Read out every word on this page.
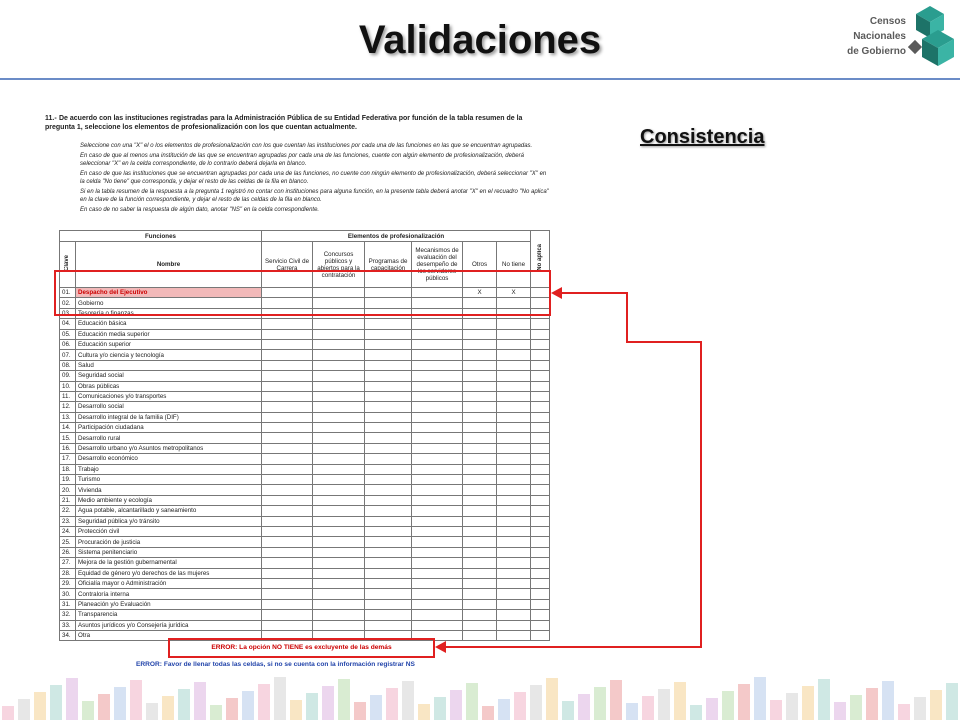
Validaciones	Censos
Nacionales
de Gobierno
Consistencia
11.- De acuerdo con las instituciones registradas para la Administración Pública de su Entidad Federativa por función de la tabla resumen de la pregunta 1, seleccione los elementos de profesionalización con los que cuentan actualmente.

Seleccione con una "X" el o los elementos de profesionalización con los que cuentan las instituciones por cada una de las funciones en las que se encuentran agrupadas.

En caso de que al menos una institución de las que se encuentran agrupadas por cada una de las funciones, cuente con algún elemento de profesionalización, deberá seleccionar "X" en la celda correspondiente, de lo contrario deberá dejarla en blanco.

En caso de que las instituciones que se encuentran agrupadas por cada una de las funciones, no cuente con ningún elemento de profesionalización, deberá seleccionar "X" en la celda "No tiene" que corresponda, y dejar el resto de las celdas de la fila en blanco.

Si en la tabla resumen de la respuesta a la pregunta 1 registró no contar con instituciones para alguna función, en la presente tabla deberá anotar "X" en el recuadro "No aplica" en la clave de la función correspondiente, y dejar el resto de las celdas de la fila en blanco.

En caso de no saber la respuesta de algún dato, anotar "NS" en la celda correspondiente.

Funciones		Elementos de profesionalización						No aplica
Clave	Nombre	Servicio Civil de Carrera	Concursos públicos y abiertos para la contratación	Programas de capacitación	Mecanismos de evaluación del desempeño de los servidores públicos	Otros	No tiene	
01.	Despacho del Ejecutivo					X	X	
02.	Gobierno							
03.	Tesorería o finanzas							
04.	Educación básica							
05.	Educación media superior							
06.	Educación superior							
07.	Cultura y/o ciencia y tecnología							
08.	Salud							
09.	Seguridad social							
10.	Obras públicas							
11.	Comunicaciones y/o transportes							
12.	Desarrollo social							
13.	Desarrollo integral de la familia (DIF)							
14.	Participación ciudadana							
15.	Desarrollo rural							
16.	Desarrollo urbano y/o Asuntos metropolitanos							
17.	Desarrollo económico							
18.	Trabajo							
19.	Turismo							
20.	Vivienda							
21.	Medio ambiente y ecología							
22.	Agua potable, alcantarillado y saneamiento							
23.	Seguridad pública y/o tránsito							
24.	Protección civil							
25.	Procuración de justicia							
26.	Sistema penitenciario							
27.	Mejora de la gestión gubernamental							
28.	Equidad de género y/o derechos de las mujeres							
29.	Oficialía mayor o Administración							
30.	Contraloría interna							
31.	Planeación y/o Evaluación							
32.	Transparencia							
33.	Asuntos jurídicos y/o Consejería jurídica							
34.	Otra							
ERROR: La opción NO TIENE es excluyente de las demás
ERROR: Favor de llenar todas las celdas, si no se cuenta con la información registrar NS
